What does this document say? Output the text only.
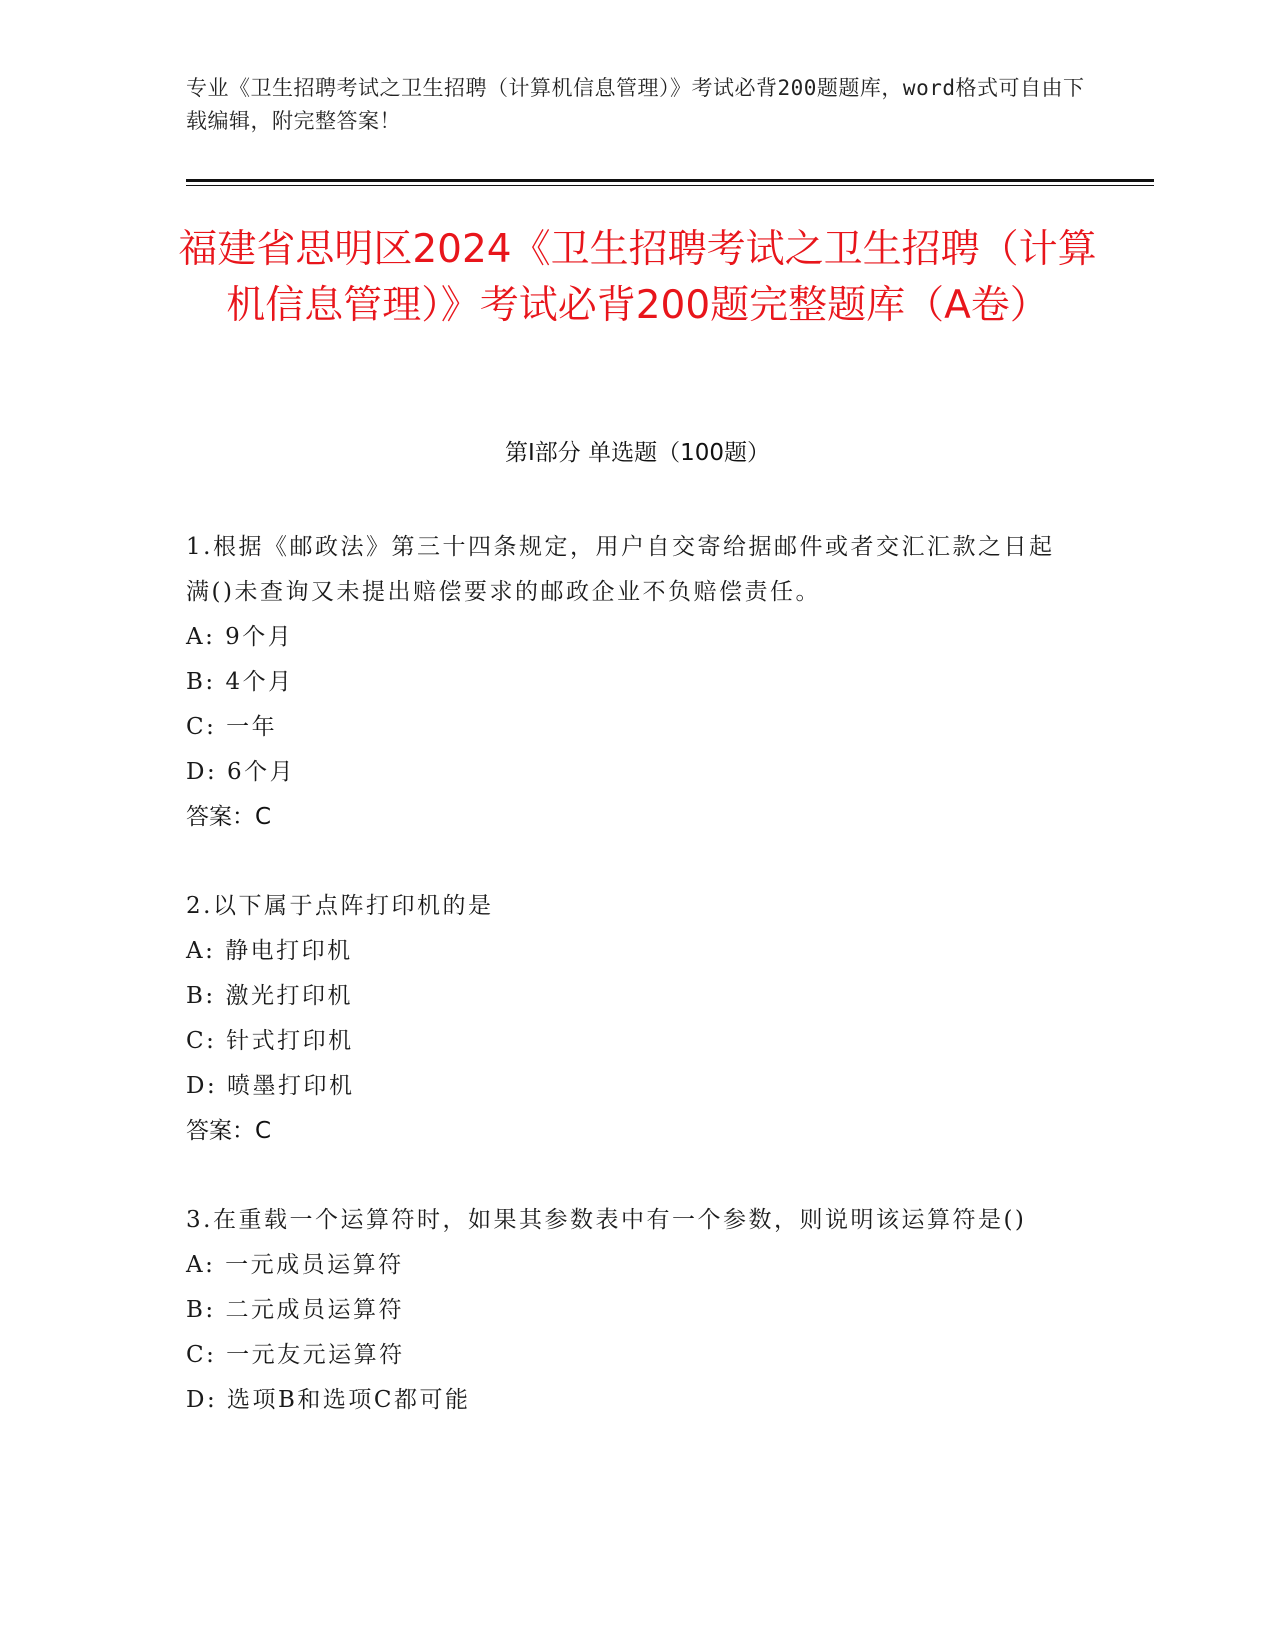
专业《卫生招聘考试之卫生招聘（计算机信息管理）》考试必背200题题库，word格式可自由下载编辑，附完整答案！
福建省思明区2024《卫生招聘考试之卫生招聘（计算机信息管理）》考试必背200题完整题库（A卷）
第Ⅰ部分 单选题（100题）
1.根据《邮政法》第三十四条规定，用户自交寄给据邮件或者交汇汇款之日起满()未查询又未提出赔偿要求的邮政企业不负赔偿责任。
A: 9个月
B: 4个月
C: 一年
D: 6个月
答案：C
2.以下属于点阵打印机的是
A: 静电打印机
B: 激光打印机
C: 针式打印机
D: 喷墨打印机
答案：C
3.在重载一个运算符时，如果其参数表中有一个参数，则说明该运算符是()
A: 一元成员运算符
B: 二元成员运算符
C: 一元友元运算符
D: 选项B和选项C都可能
